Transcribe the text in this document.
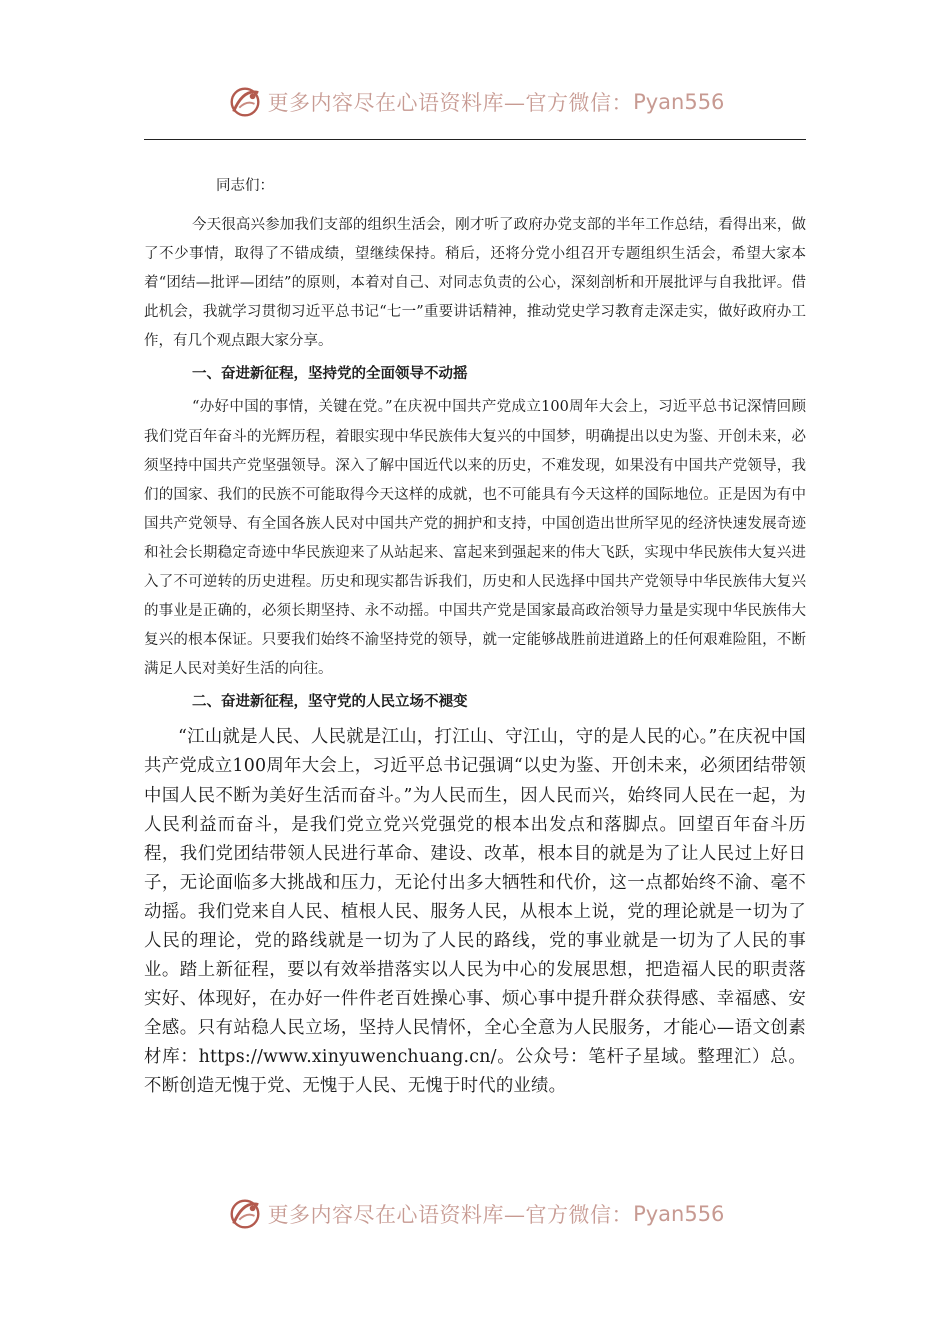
更多内容尽在心语资料库—官方微信： Pyan556

同志们：

今天很高兴参加我们支部的组织生活会，刚才听了政府办党支部的半年工作总结，看得出来，做了不少事情，取得了不错成绩，望继续保持。稍后，还将分党小组召开专题组织生活会，希望大家本着“团结—批评—团结”的原则，本着对自己、对同志负责的公心，深刻剖析和开展批评与自我批评。借此机会，我就学习贯彻习近平总书记“七一”重要讲话精神，推动党史学习教育走深走实，做好政府办工作，有几个观点跟大家分享。

一、奋进新征程，坚持党的全面领导不动摇

“办好中国的事情，关键在党。”在庆祝中国共产党成立100周年大会上，习近平总书记深情回顾我们党百年奋斗的光辉历程，着眼实现中华民族伟大复兴的中国梦，明确提出以史为鉴、开创未来，必须坚持中国共产党坚强领导。深入了解中国近代以来的历史，不难发现，如果没有中国共产党领导，我们的国家、我们的民族不可能取得今天这样的成就，也不可能具有今天这样的国际地位。正是因为有中国共产党领导、有全国各族人民对中国共产党的拥护和支持，中国创造出世所罕见的经济快速发展奇迹和社会长期稳定奇迹中华民族迎来了从站起来、富起来到强起来的伟大飞跃，实现中华民族伟大复兴进入了不可逆转的历史进程。历史和现实都告诉我们，历史和人民选择中国共产党领导中华民族伟大复兴的事业是正确的，必须长期坚持、永不动摇。中国共产党是国家最高政治领导力量是实现中华民族伟大复兴的根本保证。只要我们始终不渝坚持党的领导，就一定能够战胜前进道路上的任何艰难险阻，不断满足人民对美好生活的向往。

二、奋进新征程，坚守党的人民立场不褪变

“江山就是人民、人民就是江山，打江山、守江山，守的是人民的心。”在庆祝中国共产党成立100周年大会上，习近平总书记强调“以史为鉴、开创未来，必须团结带领中国人民不断为美好生活而奋斗。”为人民而生，因人民而兴，始终同人民在一起，为人民利益而奋斗，是我们党立党兴党强党的根本出发点和落脚点。回望百年奋斗历程，我们党团结带领人民进行革命、建设、改革，根本目的就是为了让人民过上好日子，无论面临多大挑战和压力，无论付出多大牺牲和代价，这一点都始终不渝、毫不动摇。我们党来自人民、植根人民、服务人民，从根本上说，党的理论就是一切为了人民的理论，党的路线就是一切为了人民的路线，党的事业就是一切为了人民的事业。踏上新征程，要以有效举措落实以人民为中心的发展思想，把造福人民的职责落实好、体现好，在办好一件件老百姓操心事、烦心事中提升群众获得感、幸福感、安全感。只有站稳人民立场，坚持人民情怀，全心全意为人民服务，才能心—语文创素材库：https://www.xinyuwenchuang.cn/。公众号：笔杆子星域。整理汇）总。不断创造无愧于党、无愧于人民、无愧于时代的业绩。

更多内容尽在心语资料库—官方微信： Pyan556
